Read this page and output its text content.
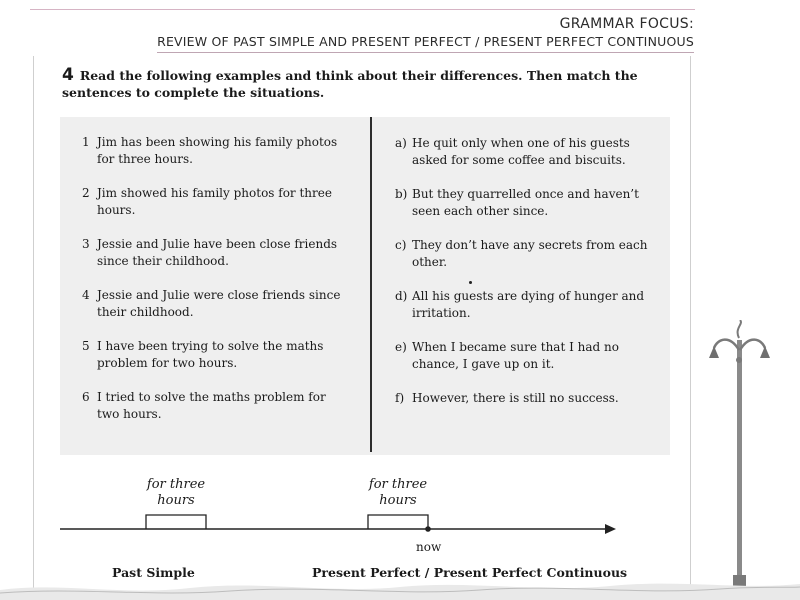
GRAMMAR FOCUS:
REVIEW OF PAST SIMPLE AND PRESENT PERFECT / PRESENT PERFECT CONTINUOUS
4 Read the following examples and think about their differences. Then match the
sentences to complete the situations.
1 Jim has been showing his family photos
for three hours.
2 Jim showed his family photos for three
hours.
3 Jessie and Julie have been close friends
since their childhood.
4 Jessie and Julie were close friends since
their childhood.
5 I have been trying to solve the maths
problem for two hours.
6 I tried to solve the maths problem for
two hours.
a) He quit only when one of his guests
asked for some coffee and biscuits.
b) But they quarrelled once and haven’t
seen each other since.
c) They don’t have any secrets from each
other.
d) All his guests are dying of hunger and
irritation.
e) When I became sure that I had no
chance, I gave up on it.
f) However, there is still no success.
for three
hours
for three
hours
now
Past Simple	Present Perfect / Present Perfect Continuous
